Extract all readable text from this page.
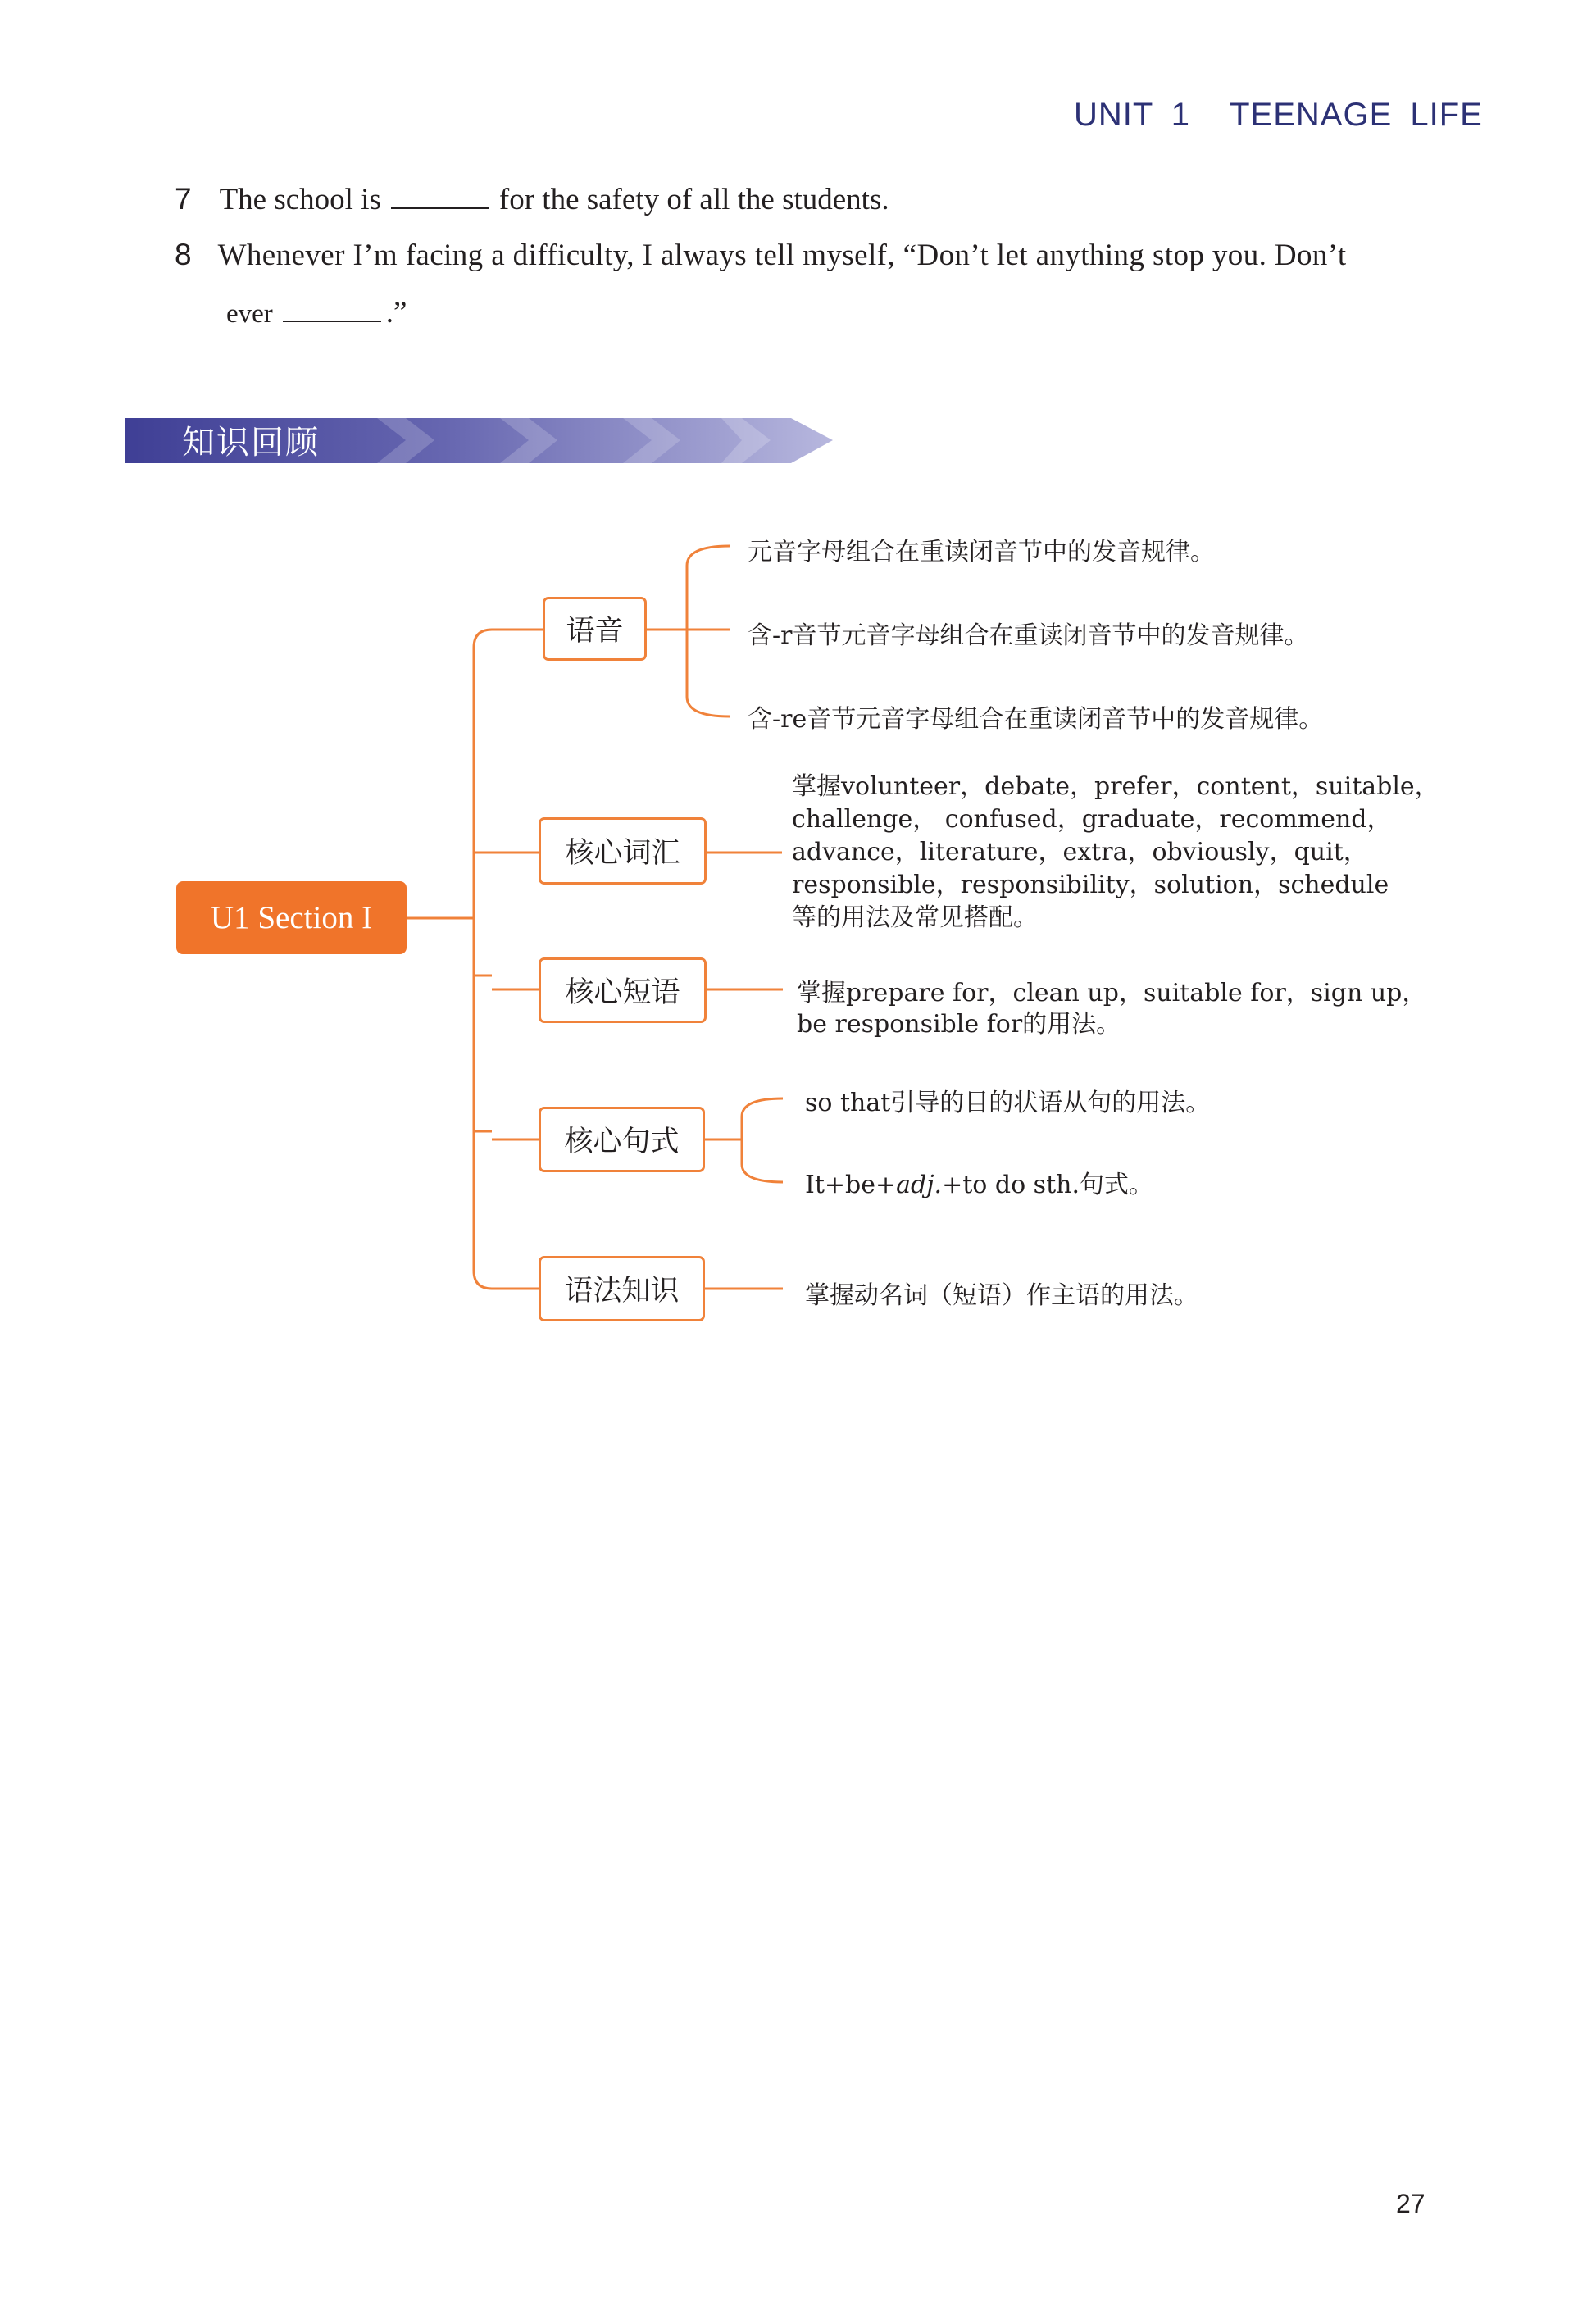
UNIT 1 TEENAGE LIFE
7 The school is	for the safety of all the students.
8 Whenever I’m facing a difficulty, I always tell myself, “Don’t let anything stop you. Don’t
ever	.”
知识回顾
U1 Section I
语音
核心词汇
核心短语
核心句式
语法知识
元音字母组合在重读闭音节中的发音规律。
含-r音节元音字母组合在重读闭音节中的发音规律。
含-re音节元音字母组合在重读闭音节中的发音规律。
掌握volunteer，debate，prefer，content，suitable，
challenge， confused，graduate，recommend，
advance，literature，extra，obviously，quit，
responsible，responsibility，solution，schedule
等的用法及常见搭配。
掌握prepare for，clean up，suitable for，sign up，
be responsible for的用法。
so that引导的目的状语从句的用法。
It+be+adj.+to do sth.句式。
掌握动名词（短语）作主语的用法。
27
